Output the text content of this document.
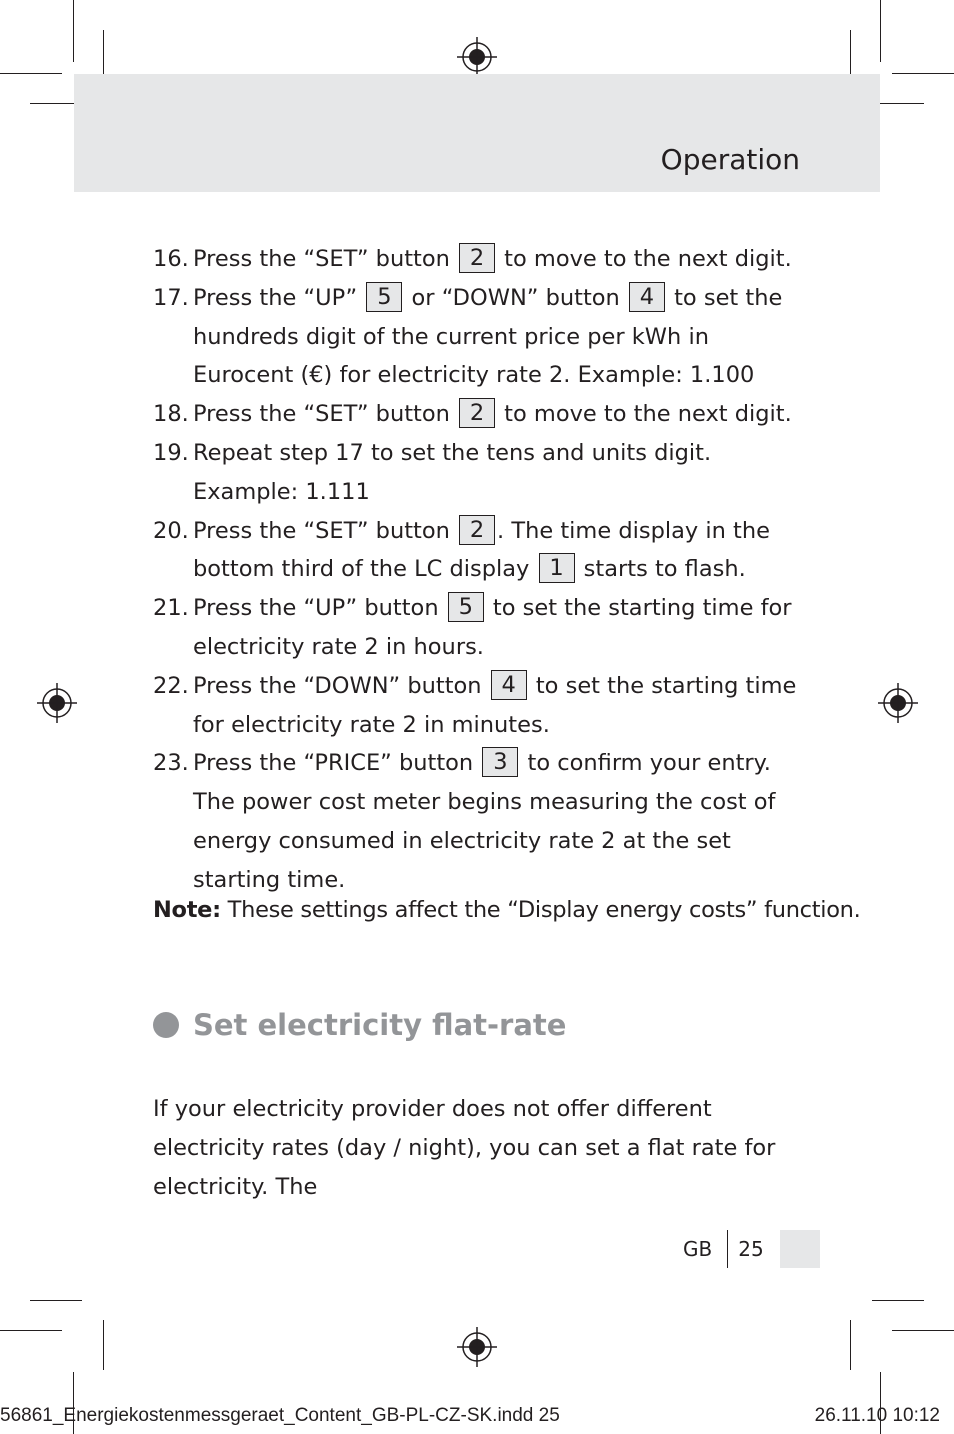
Operation
16. Press the “SET” button 2 to move to the next digit.
17. Press the “UP” 5 or “DOWN” button 4 to set the hundreds digit of the current price per kWh in Eurocent (€) for electricity rate 2. Example: 1.100
18. Press the “SET” button 2 to move to the next digit.
19. Repeat step 17 to set the tens and units digit.
Example: 1.111
20. Press the “SET” button 2 . The time display in the bottom third of the LC display 1 starts to flash.
21. Press the “UP” button 5 to set the starting time for electricity rate 2 in hours.
22. Press the “DOWN” button 4 to set the starting time for electricity rate 2 in minutes.
23. Press the “PRICE” button 3 to confirm your entry. The power cost meter begins measuring the cost of energy consumed in electricity rate 2 at the set starting time.
Note: These settings affect the “Display energy costs” function.
Set electricity flat-rate
If your electricity provider does not offer different electricity rates (day / night), you can set a flat rate for electricity. The
GB 25
56861_Energiekostenmessgeraet_Content_GB-PL-CZ-SK.indd 25	26.11.10 10:12
